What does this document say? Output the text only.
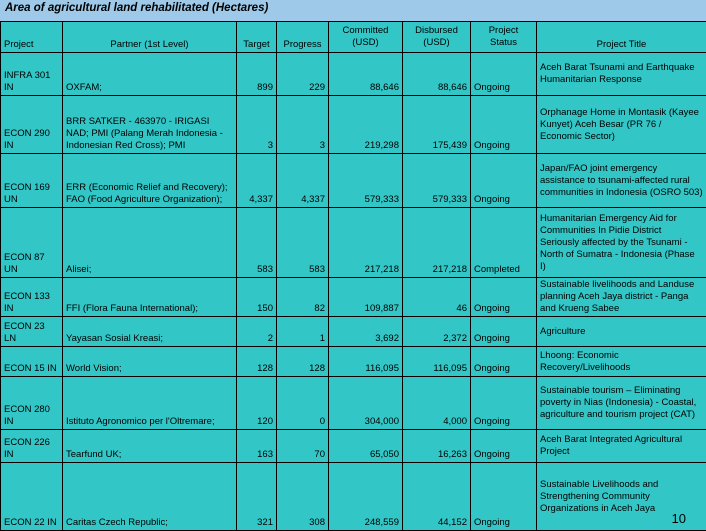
Area of agricultural land rehabilitated (Hectares)
Project	Partner (1st Level)	Target	Progress	Committed (USD)	Disbursed (USD)	Project Status	Project Title
INFRA 301 IN	OXFAM;	899	229	88,646	88,646	Ongoing	Aceh Barat Tsunami and Earthquake Humanitarian Response
ECON 290 IN	BRR SATKER - 463970 - IRIGASI NAD; PMI (Palang Merah Indonesia - Indonesian Red Cross); PMI	3	3	219,298	175,439	Ongoing	Orphanage Home in Montasik (Kayee Kunyet) Aceh Besar (PR 76 / Economic Sector)
ECON 169 UN	ERR (Economic Relief and Recovery); FAO (Food Agriculture Organization);	4,337	4,337	579,333	579,333	Ongoing	Japan/FAO joint emergency assistance to tsunami-affected rural communities in Indonesia (OSRO 503)
ECON 87 UN	Alisei;	583	583	217,218	217,218	Completed	Humanitarian Emergency Aid for Communities In Pidie District Seriously affected by the Tsunami - North of Sumatra - Indonesia (Phase I)
ECON 133 IN	FFI (Flora Fauna International);	150	82	109,887	46	Ongoing	Sustainable livelihoods and Landuse planning Aceh Jaya district - Panga and Krueng Sabee
ECON 23 LN	Yayasan Sosial Kreasi;	2	1	3,692	2,372	Ongoing	Agriculture
ECON 15 IN	World Vision;	128	128	116,095	116,095	Ongoing	Lhoong: Economic Recovery/Livelihoods
ECON 280 IN	Istituto Agronomico per l'Oltremare;	120	0	304,000	4,000	Ongoing	Sustainable tourism – Eliminating poverty in Nias (Indonesia) - Coastal, agriculture and tourism project (CAT)
ECON 226 IN	Tearfund UK;	163	70	65,050	16,263	Ongoing	Aceh Barat Integrated Agricultural Project
ECON 22 IN	Caritas Czech Republic;	321	308	248,559	44,152	Ongoing	Sustainable Livelihoods and Strengthening Community Organizations in Aceh Jaya
10
